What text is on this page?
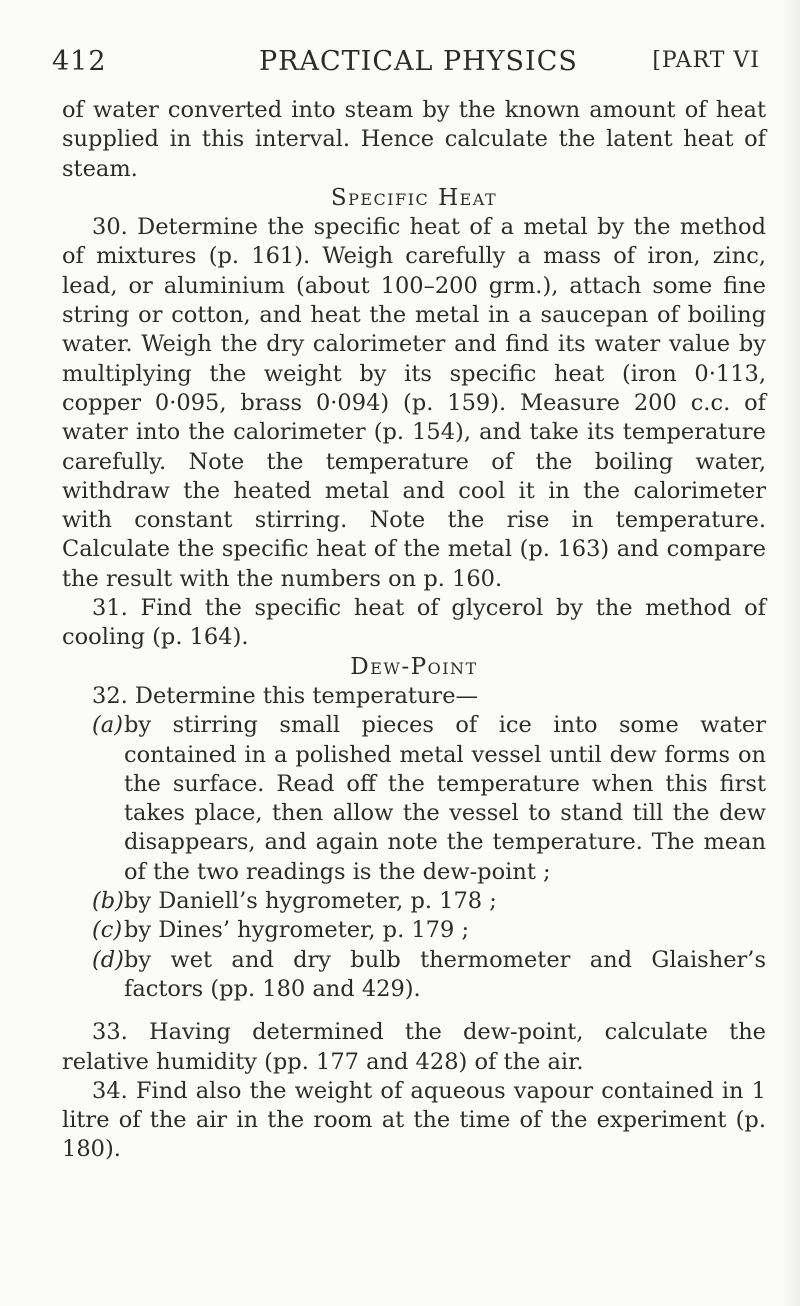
412	PRACTICAL PHYSICS	[PART VI

of water converted into steam by the known amount of heat supplied in this interval. Hence calculate the latent heat of steam.

Specific Heat

30. Determine the specific heat of a metal by the method of mixtures (p. 161). Weigh carefully a mass of iron, zinc, lead, or aluminium (about 100–200 grm.), attach some fine string or cotton, and heat the metal in a saucepan of boiling water. Weigh the dry calorimeter and find its water value by multiplying the weight by its specific heat (iron 0·113, copper 0·095, brass 0·094) (p. 159). Measure 200 c.c. of water into the calorimeter (p. 154), and take its temperature carefully. Note the temperature of the boiling water, withdraw the heated metal and cool it in the calorimeter with constant stirring. Note the rise in temperature. Calculate the specific heat of the metal (p. 163) and compare the result with the numbers on p. 160.

31. Find the specific heat of glycerol by the method of cooling (p. 164).

Dew-Point

32. Determine this temperature—

(a) by stirring small pieces of ice into some water contained in a polished metal vessel until dew forms on the surface. Read off the temperature when this first takes place, then allow the vessel to stand till the dew disappears, and again note the temperature. The mean of the two readings is the dew-point ;
(b) by Daniell’s hygrometer, p. 178 ;
(c) by Dines’ hygrometer, p. 179 ;
(d) by wet and dry bulb thermometer and Glaisher’s factors (pp. 180 and 429).

33. Having determined the dew-point, calculate the relative humidity (pp. 177 and 428) of the air.

34. Find also the weight of aqueous vapour contained in 1 litre of the air in the room at the time of the experiment (p. 180).
